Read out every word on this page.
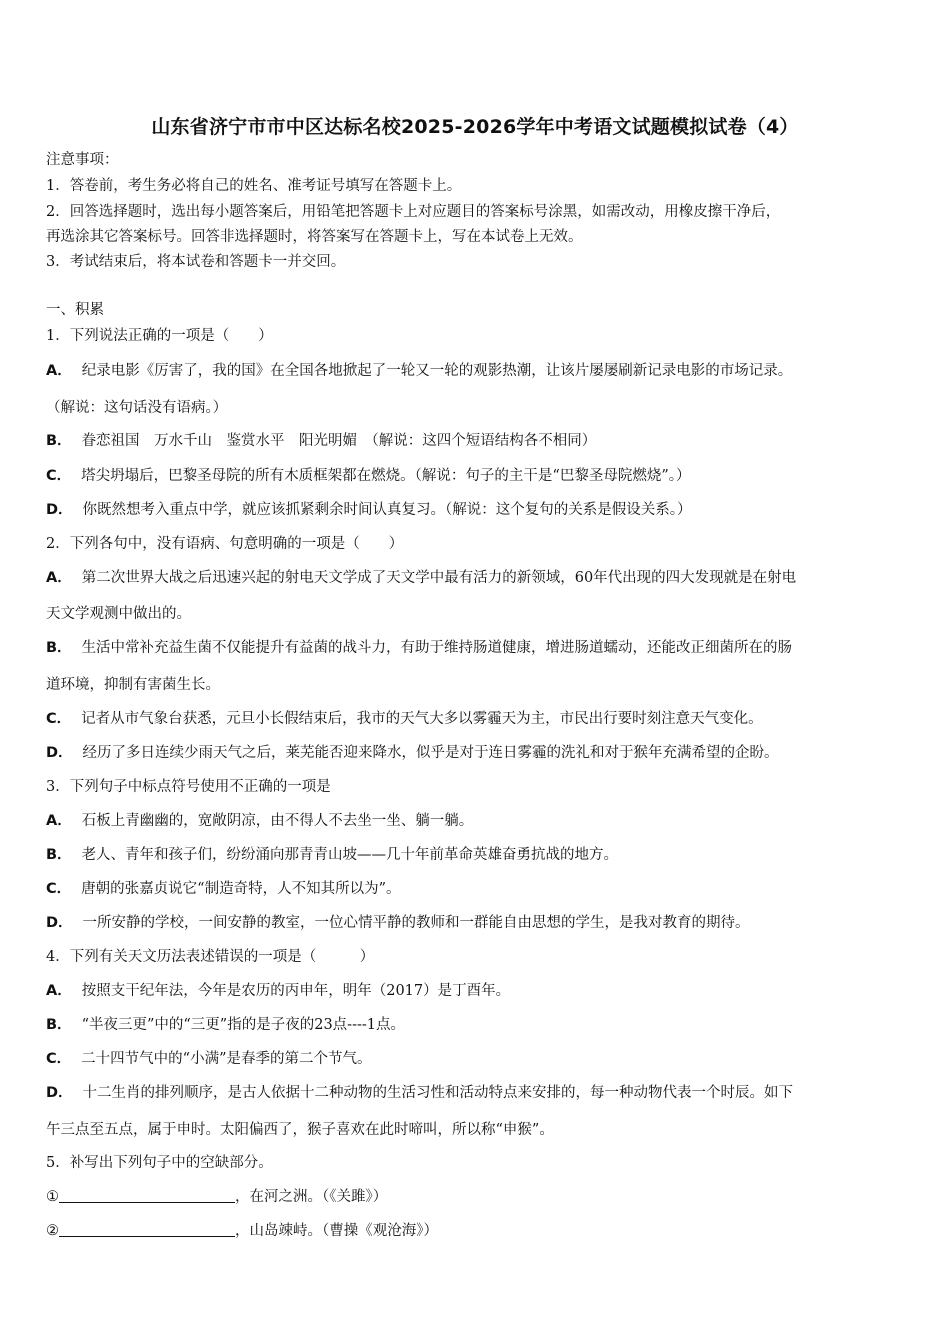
山东省济宁市市中区达标名校2025-2026学年中考语文试题模拟试卷（4）
注意事项：
1．答卷前，考生务必将自己的姓名、准考证号填写在答题卡上。
2．回答选择题时，选出每小题答案后，用铅笔把答题卡上对应题目的答案标号涂黑，如需改动，用橡皮擦干净后，
再选涂其它答案标号。回答非选择题时，将答案写在答题卡上，写在本试卷上无效。
3．考试结束后，将本试卷和答题卡一并交回。
一、积累
1．下列说法正确的一项是（　　）
A． 纪录电影《厉害了，我的国》在全国各地掀起了一轮又一轮的观影热潮，让该片屡屡刷新记录电影的市场记录。
（解说：这句话没有语病。）
B． 眷恋祖国　万水千山　鉴赏水平　阳光明媚　（解说：这四个短语结构各不相同）
C． 塔尖坍塌后，巴黎圣母院的所有木质框架都在燃烧。（解说：句子的主干是“巴黎圣母院燃烧”。）
D． 你既然想考入重点中学，就应该抓紧剩余时间认真复习。（解说：这个复句的关系是假设关系。）
2．下列各句中，没有语病、句意明确的一项是（　　）
A． 第二次世界大战之后迅速兴起的射电天文学成了天文学中最有活力的新领域，60年代出现的四大发现就是在射电
天文学观测中做出的。
B． 生活中常补充益生菌不仅能提升有益菌的战斗力，有助于维持肠道健康，增进肠道蠕动，还能改正细菌所在的肠
道环境，抑制有害菌生长。
C． 记者从市气象台获悉，元旦小长假结束后，我市的天气大多以雾霾天为主，市民出行要时刻注意天气变化。
D． 经历了多日连续少雨天气之后，莱芜能否迎来降水，似乎是对于连日雾霾的洗礼和对于猴年充满希望的企盼。
3．下列句子中标点符号使用不正确的一项是
A． 石板上青幽幽的，宽敞阴凉，由不得人不去坐一坐、躺一躺。
B． 老人、青年和孩子们，纷纷涌向那青青山坡——几十年前革命英雄奋勇抗战的地方。
C． 唐朝的张嘉贞说它“制造奇特，人不知其所以为”。
D． 一所安静的学校，一间安静的教室，一位心情平静的教师和一群能自由思想的学生，是我对教育的期待。
4．下列有关天文历法表述错误的一项是（　　　）
A． 按照支干纪年法，今年是农历的丙申年，明年（2017）是丁酉年。
B． “半夜三更”中的“三更”指的是子夜的23点----1点。
C． 二十四节气中的“小满”是春季的第二个节气。
D． 十二生肖的排列顺序，是古人依据十二种动物的生活习性和活动特点来安排的，每一种动物代表一个时辰。如下
午三点至五点，属于申时。太阳偏西了，猴子喜欢在此时啼叫，所以称“申猴”。
5．补写出下列句子中的空缺部分。
①	，在河之洲。（《关雎》）
②	，山岛竦峙。（曹操《观沧海》）
